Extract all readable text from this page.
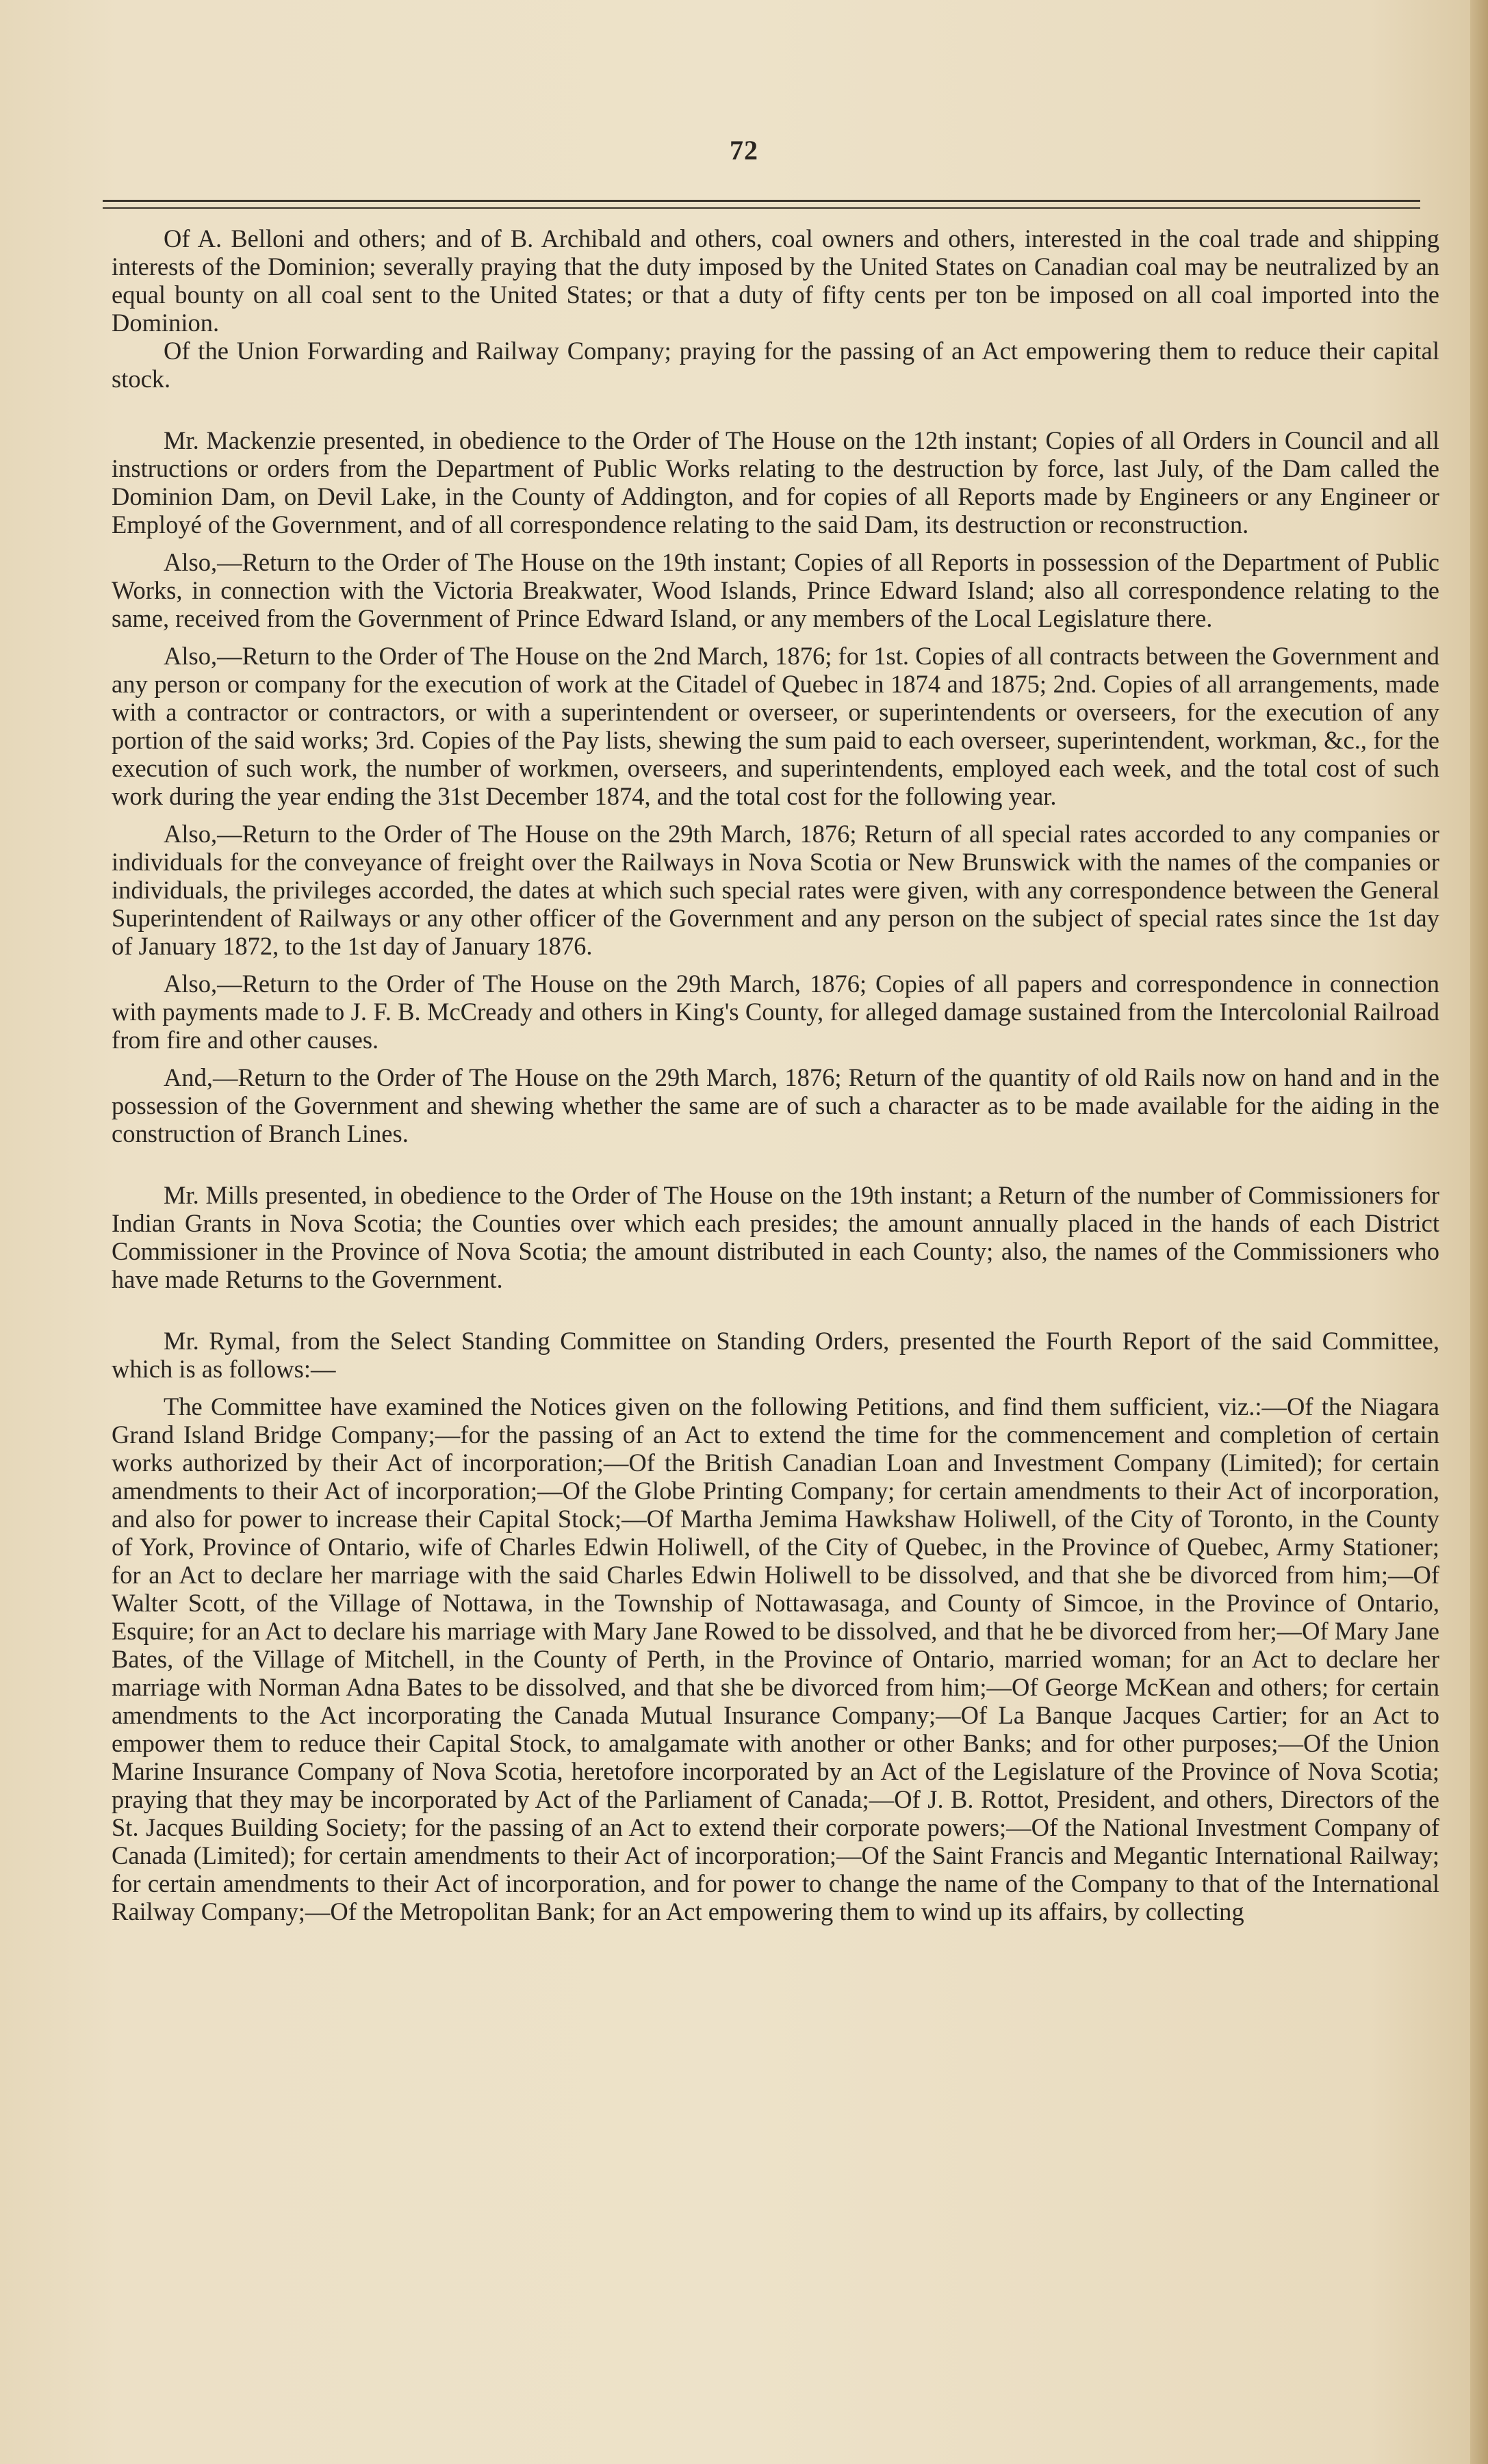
72

Of A. Belloni and others; and of B. Archibald and others, coal owners and others, interested in the coal trade and shipping interests of the Dominion; severally praying that the duty imposed by the United States on Canadian coal may be neutralized by an equal bounty on all coal sent to the United States; or that a duty of fifty cents per ton be imposed on all coal imported into the Dominion.

Of the Union Forwarding and Railway Company; praying for the passing of an Act empowering them to reduce their capital stock.

Mr. Mackenzie presented, in obedience to the Order of The House on the 12th instant; Copies of all Orders in Council and all instructions or orders from the Department of Public Works relating to the destruction by force, last July, of the Dam called the Dominion Dam, on Devil Lake, in the County of Addington, and for copies of all Reports made by Engineers or any Engineer or Employé of the Government, and of all correspondence relating to the said Dam, its destruction or reconstruction.

Also,—Return to the Order of The House on the 19th instant; Copies of all Reports in possession of the Department of Public Works, in connection with the Victoria Breakwater, Wood Islands, Prince Edward Island; also all correspondence relating to the same, received from the Government of Prince Edward Island, or any members of the Local Legislature there.

Also,—Return to the Order of The House on the 2nd March, 1876; for 1st. Copies of all contracts between the Government and any person or company for the execution of work at the Citadel of Quebec in 1874 and 1875; 2nd. Copies of all arrangements, made with a contractor or contractors, or with a superintendent or overseer, or superintendents or overseers, for the execution of any portion of the said works; 3rd. Copies of the Pay lists, shewing the sum paid to each overseer, superintendent, workman, &c., for the execution of such work, the number of workmen, overseers, and superintendents, employed each week, and the total cost of such work during the year ending the 31st December 1874, and the total cost for the following year.

Also,—Return to the Order of The House on the 29th March, 1876; Return of all special rates accorded to any companies or individuals for the conveyance of freight over the Railways in Nova Scotia or New Brunswick with the names of the companies or individuals, the privileges accorded, the dates at which such special rates were given, with any correspondence between the General Superintendent of Railways or any other officer of the Government and any person on the subject of special rates since the 1st day of January 1872, to the 1st day of January 1876.

Also,—Return to the Order of The House on the 29th March, 1876; Copies of all papers and correspondence in connection with payments made to J. F. B. McCready and others in King's County, for alleged damage sustained from the Intercolonial Railroad from fire and other causes.

And,—Return to the Order of The House on the 29th March, 1876; Return of the quantity of old Rails now on hand and in the possession of the Government and shewing whether the same are of such a character as to be made available for the aiding in the construction of Branch Lines.

Mr. Mills presented, in obedience to the Order of The House on the 19th instant; a Return of the number of Commissioners for Indian Grants in Nova Scotia; the Counties over which each presides; the amount annually placed in the hands of each District Commissioner in the Province of Nova Scotia; the amount distributed in each County; also, the names of the Commissioners who have made Returns to the Government.

Mr. Rymal, from the Select Standing Committee on Standing Orders, presented the Fourth Report of the said Committee, which is as follows:—

The Committee have examined the Notices given on the following Petitions, and find them sufficient, viz.:—Of the Niagara Grand Island Bridge Company;—for the passing of an Act to extend the time for the commencement and completion of certain works authorized by their Act of incorporation;—Of the British Canadian Loan and Investment Company (Limited); for certain amendments to their Act of incorporation;—Of the Globe Printing Company; for certain amendments to their Act of incorporation, and also for power to increase their Capital Stock;—Of Martha Jemima Hawkshaw Holiwell, of the City of Toronto, in the County of York, Province of Ontario, wife of Charles Edwin Holiwell, of the City of Quebec, in the Province of Quebec, Army Stationer; for an Act to declare her marriage with the said Charles Edwin Holiwell to be dissolved, and that she be divorced from him;—Of Walter Scott, of the Village of Nottawa, in the Township of Nottawasaga, and County of Simcoe, in the Province of Ontario, Esquire; for an Act to declare his marriage with Mary Jane Rowed to be dissolved, and that he be divorced from her;—Of Mary Jane Bates, of the Village of Mitchell, in the County of Perth, in the Province of Ontario, married woman; for an Act to declare her marriage with Norman Adna Bates to be dissolved, and that she be divorced from him;—Of George McKean and others; for certain amendments to the Act incorporating the Canada Mutual Insurance Company;—Of La Banque Jacques Cartier; for an Act to empower them to reduce their Capital Stock, to amalgamate with another or other Banks; and for other purposes;—Of the Union Marine Insurance Company of Nova Scotia, heretofore incorporated by an Act of the Legislature of the Province of Nova Scotia; praying that they may be incorporated by Act of the Parliament of Canada;—Of J. B. Rottot, President, and others, Directors of the St. Jacques Building Society; for the passing of an Act to extend their corporate powers;—Of the National Investment Company of Canada (Limited); for certain amendments to their Act of incorporation;—Of the Saint Francis and Megantic International Railway; for certain amendments to their Act of incorporation, and for power to change the name of the Company to that of the International Railway Company;—Of the Metropolitan Bank; for an Act empowering them to wind up its affairs, by collecting
